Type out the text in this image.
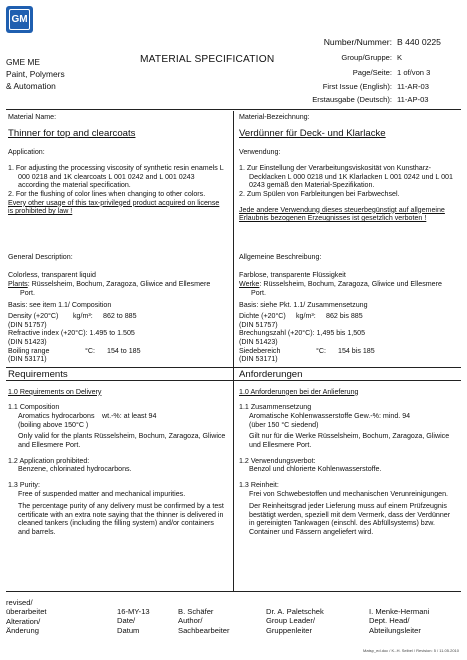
GM
GME ME
Paint, Polymers
& Automation
MATERIAL SPECIFICATION
Number/Nummer: B 440 0225
Group/Gruppe: K
Page/Seite: 1 of/von 3
First Issue (English): 11-AR-03
Erstausgabe (Deutsch): 11-AP-03

Material Name:

Thinner for top and clearcoats

Application:

1. For adjusting the processing viscosity of synthetic resin enamels L 000 0218 and 1K clearcoats L 001 0242 and L 001 0243 according the material specification.

2. For the flushing of color lines when changing to other colors.

Every other usage of this tax-privileged product acquired on license is prohibited by law !

General Description:

Colorless, transparent liquid

Plants: Rüsselsheim, Bochum, Zaragoza, Gliwice and Ellesmere Port.

Basis: see item 1.1/ Composition

Density (+20°C)	kg/m³:	862 to 885

(DIN 51757)

Refractive index (+20°C): 1.495 to 1.505

(DIN 51423)

Boiling range	°C:	154 to 185

(DIN 53171)

Requirements

1.0 Requirements on Delivery

1.1 Composition

Aromatics hydrocarbons	wt.-%: at least 94

(boiling above 150°C )

Only valid for the plants Rüsselsheim, Bochum, Zaragoza, Gliwice and Ellesmere Port.

1.2 Application prohibited:

Benzene, chlorinated hydrocarbons.

1.3 Purity:

Free of suspended matter and mechanical impurities.

The percentage purity of any delivery must be confirmed by a test certificate with an extra note saying that the thinner is delivered in cleaned tankers (including the filling system) and/or containers and barrels.

Material-Bezeichnung:

Verdünner für Deck- und Klarlacke

Verwendung:

1. Zur Einstellung der Verarbeitungsviskosität von Kunstharz-Decklacken L 000 0218 und 1K Klarlacken L 001 0242 und L 001 0243 gemäß den Material-Spezifikation.

2. Zum Spülen von Farbleitungen bei Farbwechsel.

Jede andere Verwendung dieses steuerbegünstigt auf allgemeine Erlaubnis bezogenen Erzeugnisses ist gesetzlich verboten !

Allgemeine Beschreibung:

Farblose, transparente Flüssigkeit

Werke: Rüsselsheim, Bochum, Zaragoza, Gliwice und Ellesmere Port.

Basis: siehe Pkt. 1.1/ Zusammensetzung

Dichte (+20°C)	kg/m³:	862 bis 885

(DIN 51757)

Brechungszahl (+20°C): 1,495 bis 1,505

(DIN 51423)

Siedebereich	°C:	154 bis 185

(DIN 53171)

Anforderungen

1.0 Anforderungen bei der Anlieferung

1.1 Zusammensetzung

Aromatische Kohlenwasserstoffe Gew.-%: mind. 94

(über 150 °C siedend)

Gilt nur für die Werke Rüsselsheim, Bochum, Zaragoza, Gliwice und Ellesmere Port.

1.2 Verwendungsverbot:

Benzol und chlorierte Kohlenwasserstoffe.

1.3 Reinheit:

Frei von Schwebestoffen und mechanischen Verunreinigungen.

Der Reinheitsgrad jeder Lieferung muss auf einem Prüfzeugnis bestätigt werden, speziell mit dem Vermerk, dass der Verdünner in gereinigten Tankwagen (einschl. des Abfüllsystems) bzw. Container und Fässern angeliefert wird.

revised/
überarbeitet
Alteration/
Änderung

16-MY-13
Date/
Datum

B. Schäfer
Author/
Sachbearbeiter

Dr. A. Paletschek
Group Leader/
Gruppenleiter

I. Menke-Hermani
Dept. Head/
Abteilungsleiter
Matsp_ed.doc / K.-H. Seibel / Revision: 5 / 11.05.2010
